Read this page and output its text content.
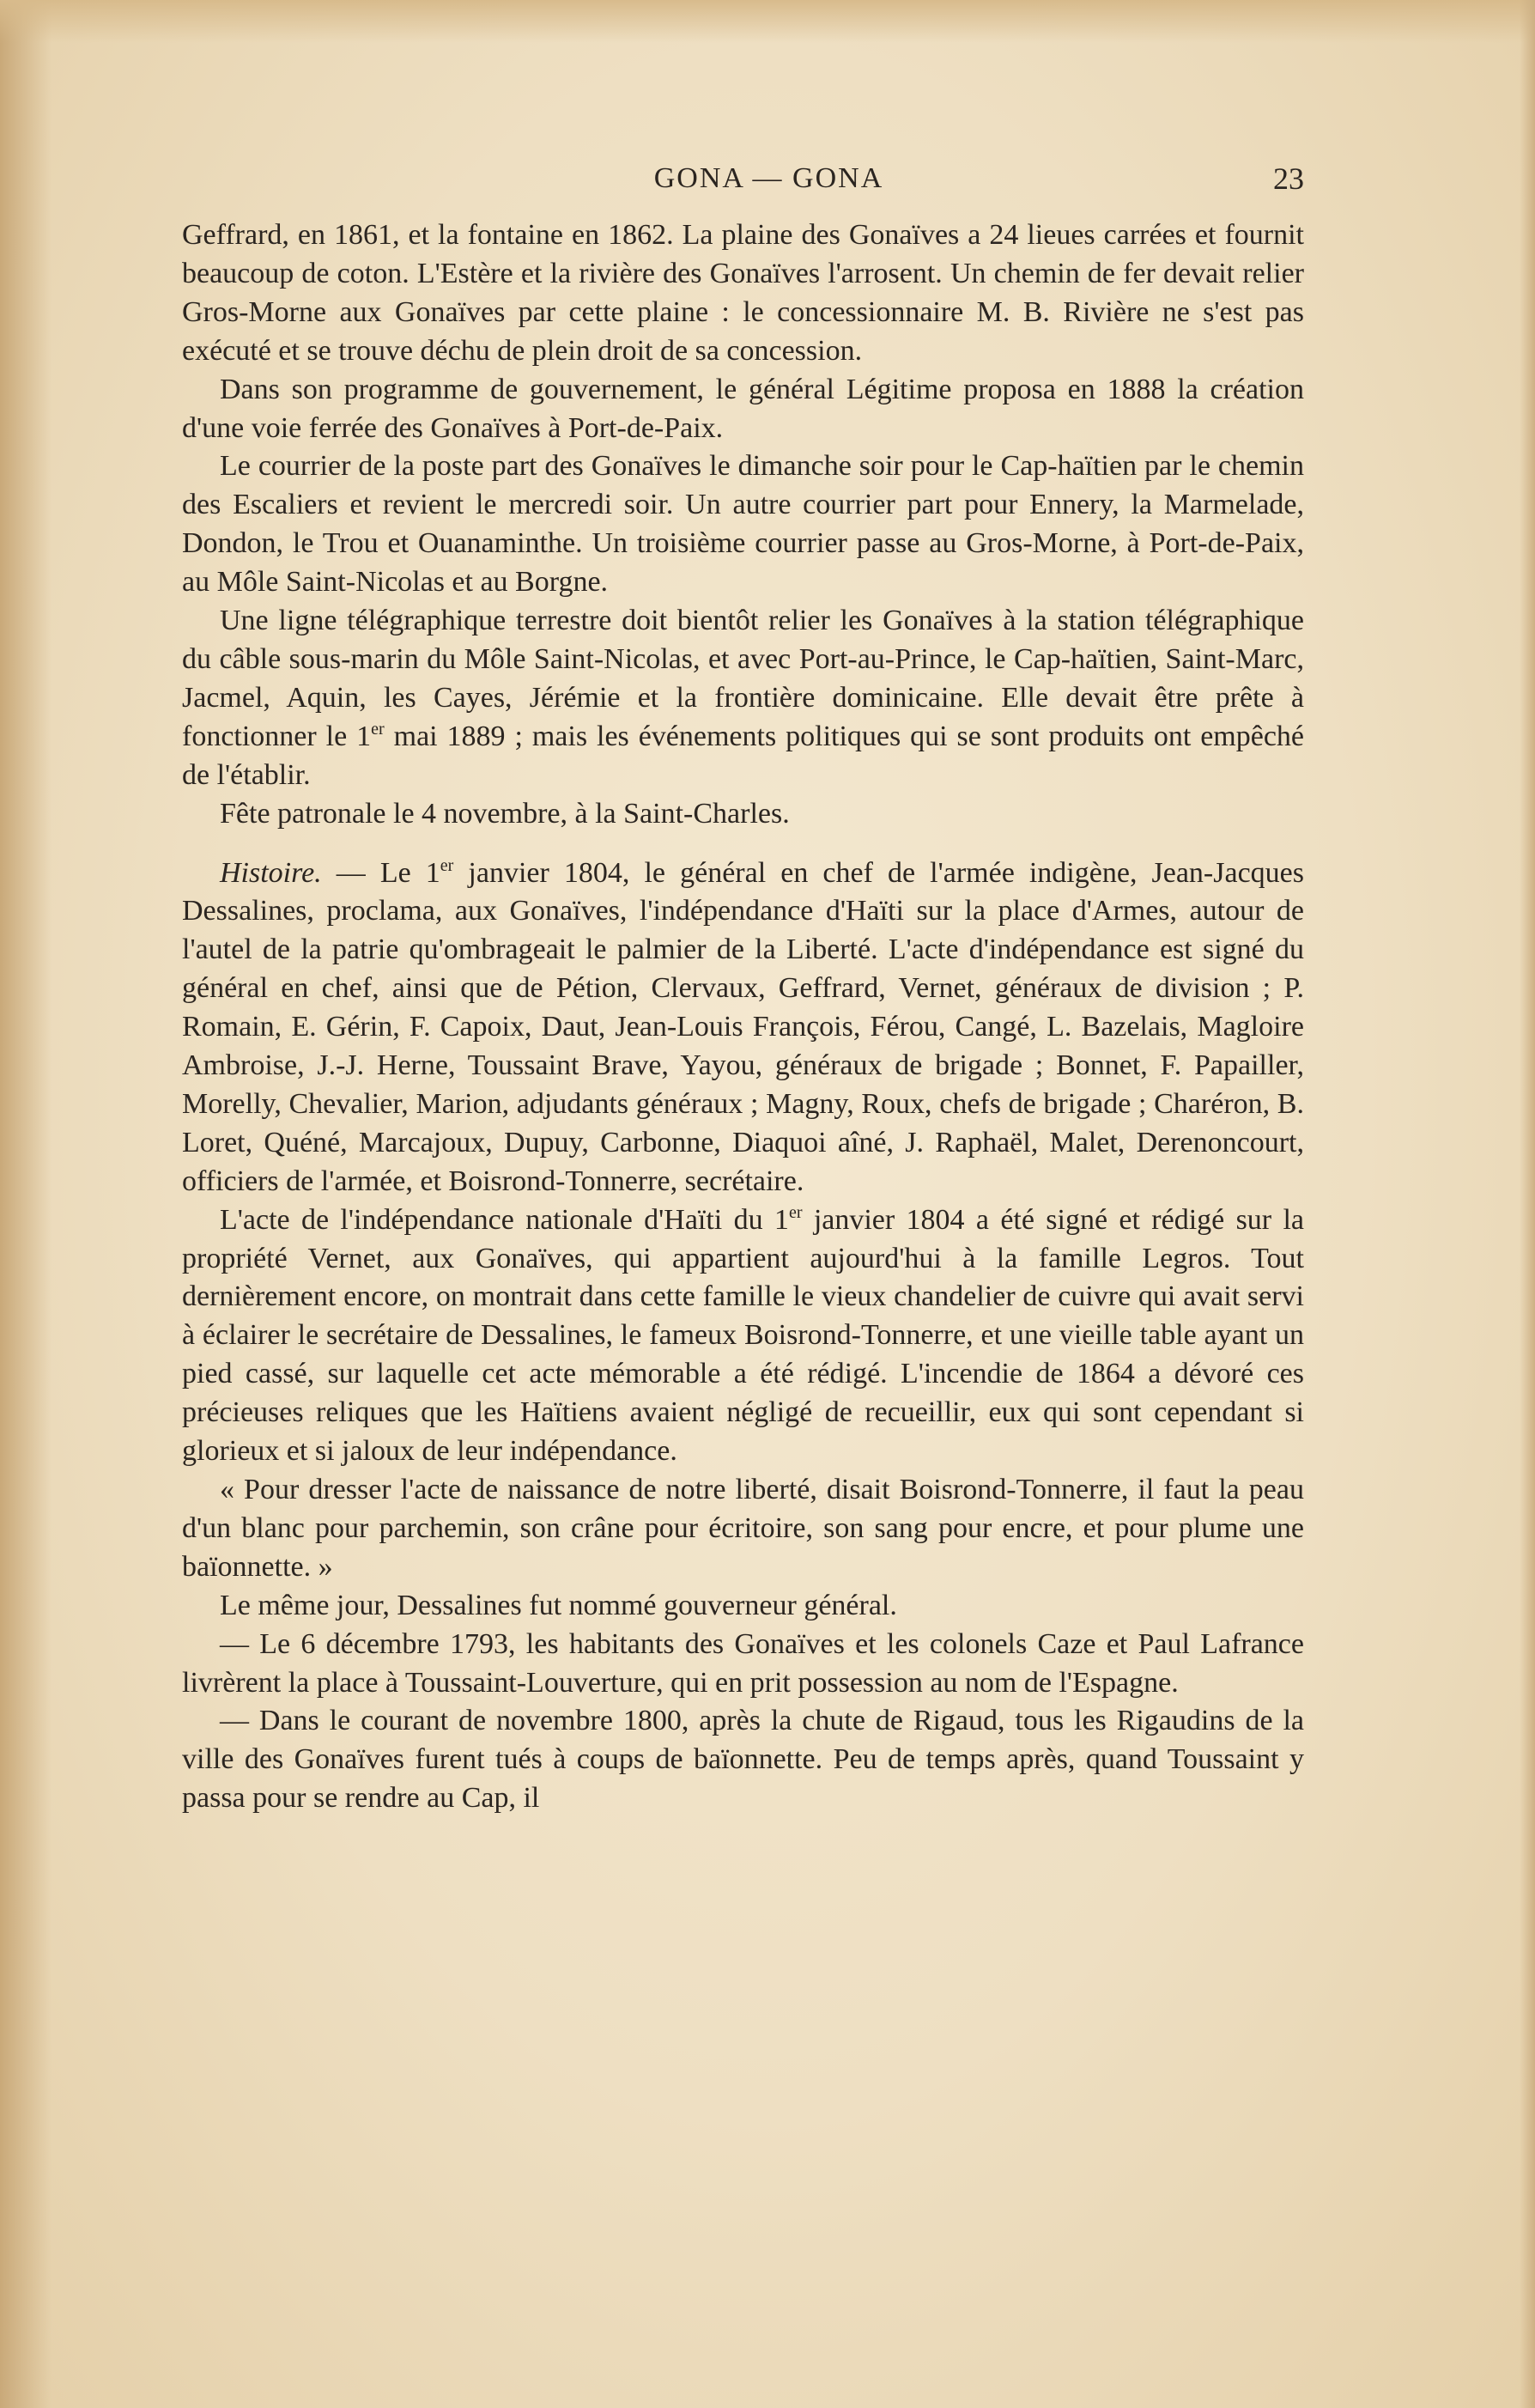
GONA — GONA	23

Geffrard, en 1861, et la fontaine en 1862. La plaine des Gonaïves a 24 lieues carrées et fournit beaucoup de coton. L'Estère et la rivière des Gonaïves l'arrosent. Un chemin de fer devait relier Gros-Morne aux Gonaïves par cette plaine : le concessionnaire M. B. Rivière ne s'est pas exécuté et se trouve déchu de plein droit de sa concession.

Dans son programme de gouvernement, le général Légitime proposa en 1888 la création d'une voie ferrée des Gonaïves à Port-de-Paix.

Le courrier de la poste part des Gonaïves le dimanche soir pour le Cap-haïtien par le chemin des Escaliers et revient le mercredi soir. Un autre courrier part pour Ennery, la Marmelade, Dondon, le Trou et Ouanaminthe. Un troisième courrier passe au Gros-Morne, à Port-de-Paix, au Môle Saint-Nicolas et au Borgne.

Une ligne télégraphique terrestre doit bientôt relier les Gonaïves à la station télégraphique du câble sous-marin du Môle Saint-Nicolas, et avec Port-au-Prince, le Cap-haïtien, Saint-Marc, Jacmel, Aquin, les Cayes, Jérémie et la frontière dominicaine. Elle devait être prête à fonctionner le 1er mai 1889 ; mais les événements politiques qui se sont produits ont empêché de l'établir.

Fête patronale le 4 novembre, à la Saint-Charles.

Histoire. — Le 1er janvier 1804, le général en chef de l'armée indigène, Jean-Jacques Dessalines, proclama, aux Gonaïves, l'indépendance d'Haïti sur la place d'Armes, autour de l'autel de la patrie qu'ombrageait le palmier de la Liberté. L'acte d'indépendance est signé du général en chef, ainsi que de Pétion, Clervaux, Geffrard, Vernet, généraux de division ; P. Romain, E. Gérin, F. Capoix, Daut, Jean-Louis François, Férou, Cangé, L. Bazelais, Magloire Ambroise, J.-J. Herne, Toussaint Brave, Yayou, généraux de brigade ; Bonnet, F. Papailler, Morelly, Chevalier, Marion, adjudants généraux ; Magny, Roux, chefs de brigade ; Charéron, B. Loret, Quéné, Marcajoux, Dupuy, Carbonne, Diaquoi aîné, J. Raphaël, Malet, Derenoncourt, officiers de l'armée, et Boisrond-Tonnerre, secrétaire.

L'acte de l'indépendance nationale d'Haïti du 1er janvier 1804 a été signé et rédigé sur la propriété Vernet, aux Gonaïves, qui appartient aujourd'hui à la famille Legros. Tout dernièrement encore, on montrait dans cette famille le vieux chandelier de cuivre qui avait servi à éclairer le secrétaire de Dessalines, le fameux Boisrond-Tonnerre, et une vieille table ayant un pied cassé, sur laquelle cet acte mémorable a été rédigé. L'incendie de 1864 a dévoré ces précieuses reliques que les Haïtiens avaient négligé de recueillir, eux qui sont cependant si glorieux et si jaloux de leur indépendance.

« Pour dresser l'acte de naissance de notre liberté, disait Boisrond-Tonnerre, il faut la peau d'un blanc pour parchemin, son crâne pour écritoire, son sang pour encre, et pour plume une baïonnette. »

Le même jour, Dessalines fut nommé gouverneur général.

— Le 6 décembre 1793, les habitants des Gonaïves et les colonels Caze et Paul Lafrance livrèrent la place à Toussaint-Louverture, qui en prit possession au nom de l'Espagne.

— Dans le courant de novembre 1800, après la chute de Rigaud, tous les Rigaudins de la ville des Gonaïves furent tués à coups de baïonnette. Peu de temps après, quand Toussaint y passa pour se rendre au Cap, il
